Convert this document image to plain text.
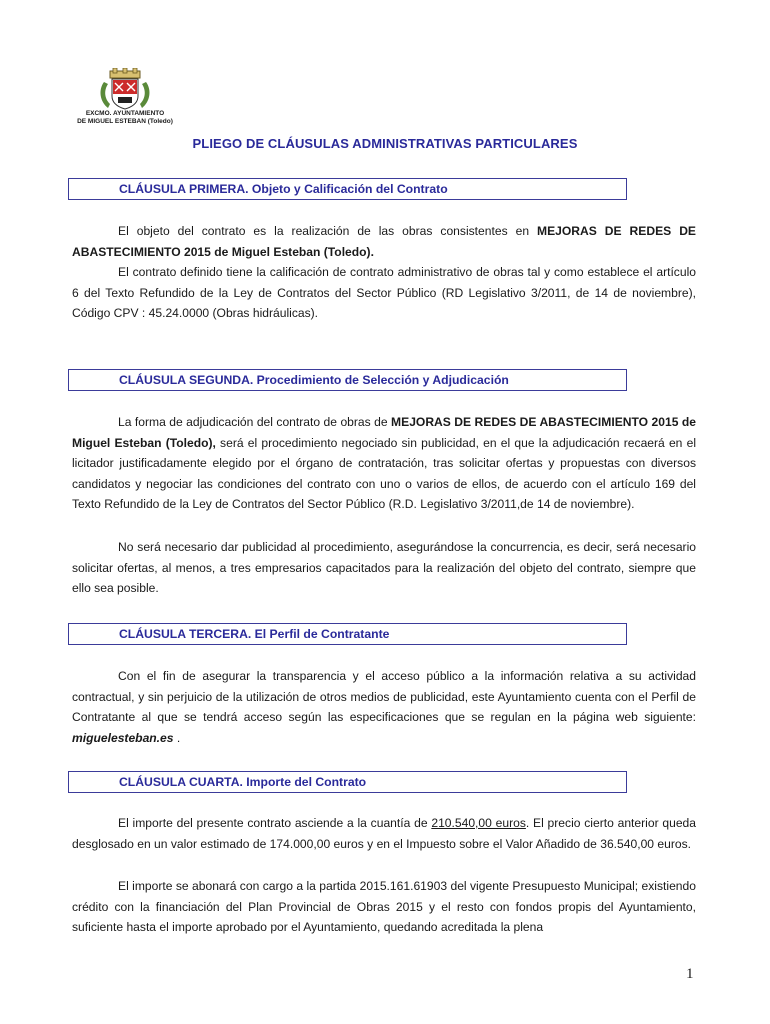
EXCMO. AYUNTAMIENTO
DE MIGUEL ESTEBAN (Toledo)
PLIEGO DE CLÁUSULAS ADMINISTRATIVAS PARTICULARES
CLÁUSULA PRIMERA. Objeto y Calificación del Contrato

El objeto del contrato es la realización de las obras consistentes en MEJORAS DE REDES DE ABASTECIMIENTO 2015 de Miguel Esteban (Toledo).

El contrato definido tiene la calificación de contrato administrativo de obras tal y como establece el artículo 6 del Texto Refundido de la Ley de Contratos del Sector Público (RD Legislativo 3/2011, de 14 de noviembre), Código CPV : 45.24.0000 (Obras hidráulicas).

CLÁUSULA SEGUNDA. Procedimiento de Selección y Adjudicación

La forma de adjudicación del contrato de obras de MEJORAS DE REDES DE ABASTECIMIENTO 2015 de Miguel Esteban (Toledo), será el procedimiento negociado sin publicidad, en el que la adjudicación recaerá en el licitador justificadamente elegido por el órgano de contratación, tras solicitar ofertas y propuestas con diversos candidatos y negociar las condiciones del contrato con uno o varios de ellos, de acuerdo con el artículo 169 del Texto Refundido de la Ley de Contratos del Sector Público (R.D. Legislativo 3/2011,de 14 de noviembre).

No será necesario dar publicidad al procedimiento, asegurándose la concurrencia, es decir, será necesario solicitar ofertas, al menos, a tres empresarios capacitados para la realización del objeto del contrato, siempre que ello sea posible.

CLÁUSULA TERCERA. El Perfil de Contratante

Con el fin de asegurar la transparencia y el acceso público a la información relativa a su actividad contractual, y sin perjuicio de la utilización de otros medios de publicidad, este Ayuntamiento cuenta con el Perfil de Contratante al que se tendrá acceso según las especificaciones que se regulan en la página web siguiente: miguelesteban.es .

CLÁUSULA CUARTA. Importe del Contrato

El importe del presente contrato asciende a la cuantía de 210.540,00 euros. El precio cierto anterior queda desglosado en un valor estimado de 174.000,00 euros y en el Impuesto sobre el Valor Añadido de 36.540,00 euros.

El importe se abonará con cargo a la partida 2015.161.61903 del vigente Presupuesto Municipal; existiendo crédito con la financiación del Plan Provincial de Obras 2015 y el resto con fondos propis del Ayuntamiento, suficiente hasta el importe aprobado por el Ayuntamiento, quedando acreditada la plena

1
